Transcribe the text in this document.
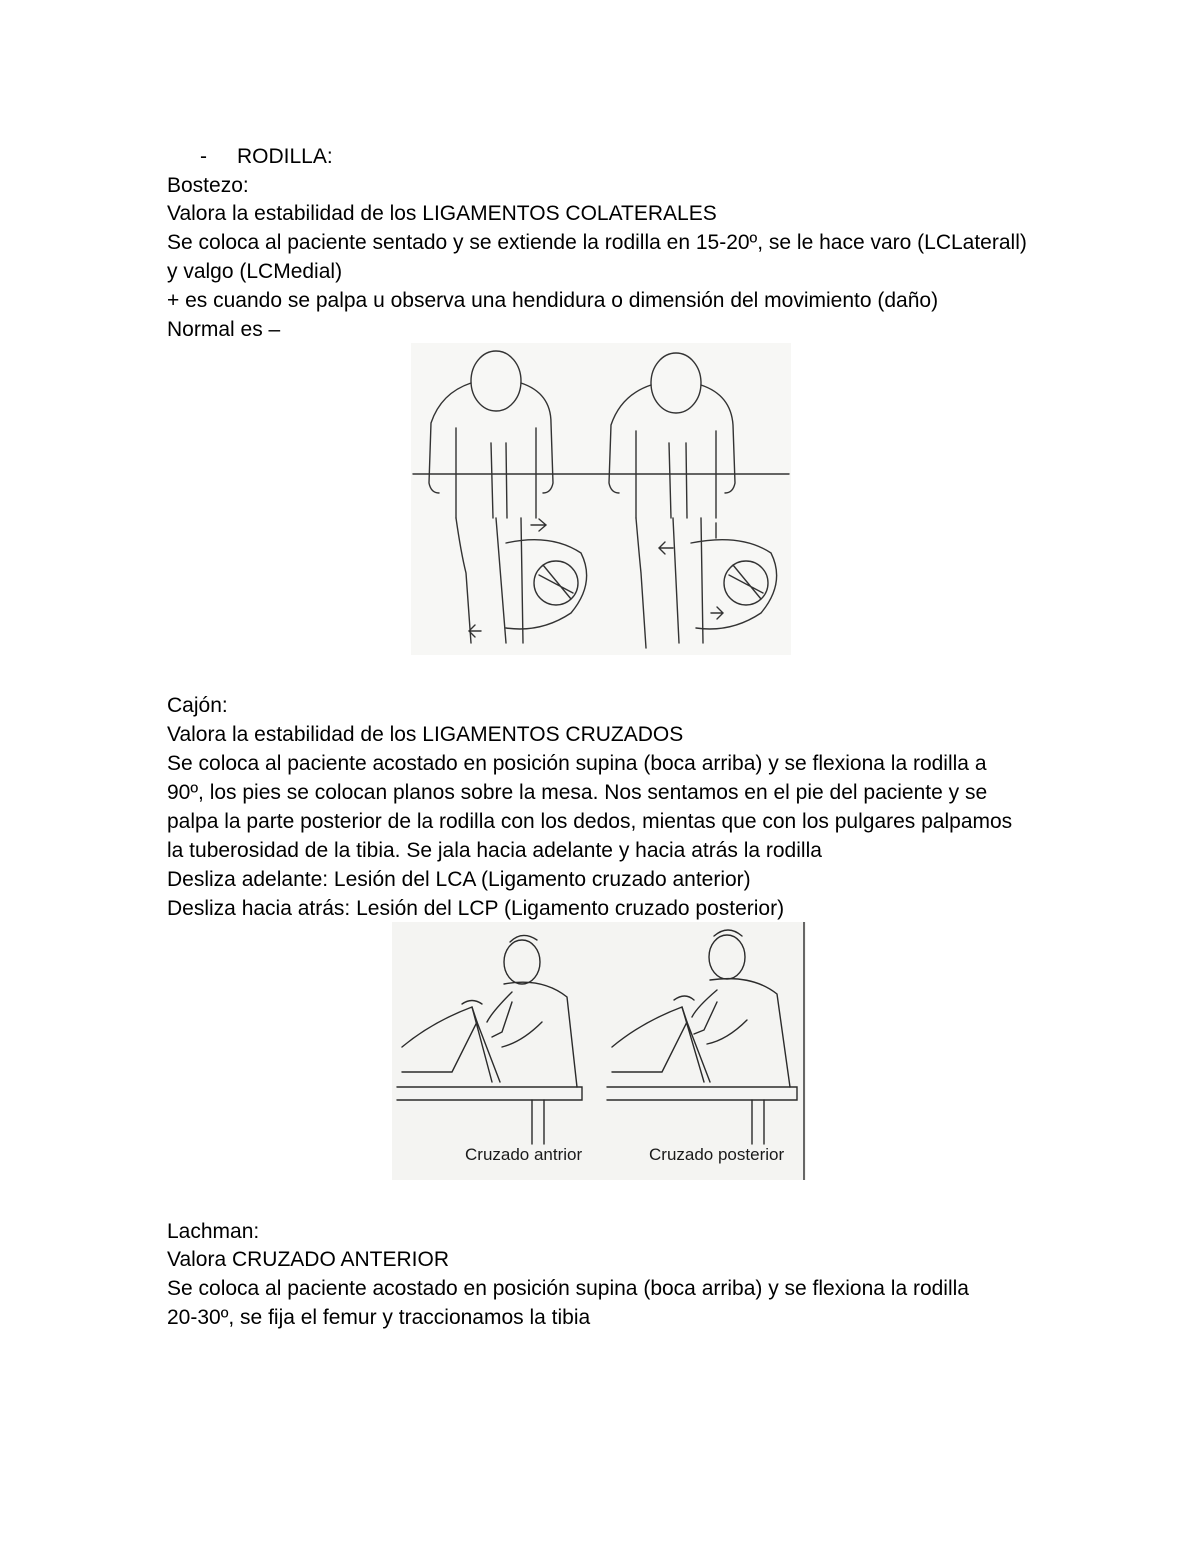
- RODILLA:

Bostezo:

Valora la estabilidad de los LIGAMENTOS COLATERALES

Se coloca al paciente sentado y se extiende la rodilla en 15-20º, se le hace varo (LCLaterall)

y valgo (LCMedial)

+ es cuando se palpa u observa una hendidura o dimensión del movimiento (daño)

Normal es –

Cajón:

Valora la estabilidad de los LIGAMENTOS CRUZADOS

Se coloca al paciente acostado en posición supina (boca arriba) y se flexiona la rodilla a

90º, los pies se colocan planos sobre la mesa. Nos sentamos en el pie del paciente y se

palpa la parte posterior de la rodilla con los dedos, mientas que con los pulgares palpamos

la tuberosidad de la tibia. Se jala hacia adelante y hacia atrás la rodilla

Desliza adelante: Lesión del LCA (Ligamento cruzado anterior)

Desliza hacia atrás: Lesión del LCP (Ligamento cruzado posterior)

Cruzado antrior	Cruzado posterior

Lachman:

Valora CRUZADO ANTERIOR

Se coloca al paciente acostado en posición supina (boca arriba) y se flexiona la rodilla

20-30º, se fija el femur y traccionamos la tibia
